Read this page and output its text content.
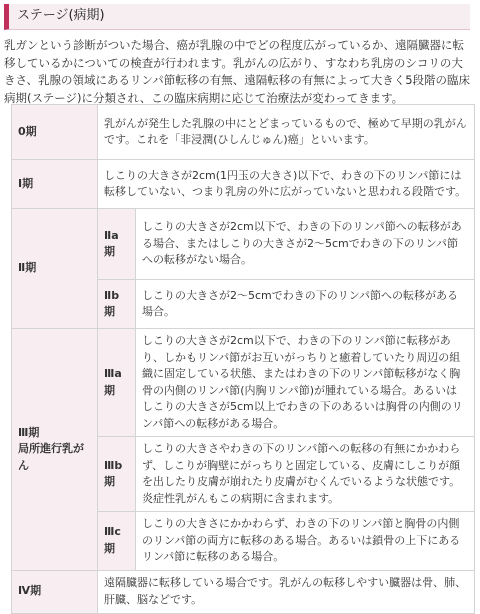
ステージ(病期)

乳ガンという診断がついた場合、癌が乳腺の中でどの程度広がっているか、遠隔臓器に転移しているかについての検査が行われます。乳がんの広がり、すなわち乳房のシコリの大きさ、乳腺の領域にあるリンパ節転移の有無、遠隔転移の有無によって大きく5段階の臨床病期(ステージ)に分類され、この臨床病期に応じて治療法が変わってきます。

0期	乳がんが発生した乳腺の中にとどまっているもので、極めて早期の乳がんです。これを「非浸潤(ひしんじゅん)癌」といいます。	
Ⅰ期	しこりの大きさが2cm(1円玉の大きさ)以下で、わきの下のリンパ節には転移していない、つまり乳房の外に広がっていないと思われる段階です。	
Ⅱ期	Ⅱa期	しこりの大きさが2cm以下で、わきの下のリンパ節への転移がある場合、またはしこりの大きさが2〜5cmでわきの下のリンパ節への転移がない場合。
	Ⅱb期	しこりの大きさが2〜5cmでわきの下のリンパ節への転移がある場合。
Ⅲ期
局所進行乳がん	Ⅲa期	しこりの大きさが2cm以下で、わきの下のリンパ節に転移があり、しかもリンパ節がお互いがっちりと癒着していたり周辺の組織に固定している状態、またはわきの下のリンパ節転移がなく胸骨の内側のリンパ節(内胸リンパ節)が腫れている場合。あるいはしこりの大きさが5cm以上でわきの下のあるいは胸骨の内側のリンパ節への転移がある場合。
	Ⅲb期	しこりの大きさやわきの下のリンパ節への転移の有無にかかわらず、しこりが胸壁にがっちりと固定している、皮膚にしこりが顔を出したり皮膚が崩れたり皮膚がむくんでいるような状態です。炎症性乳がんもこの病期に含まれます。
	Ⅲc期	しこりの大きさにかかわらず、わきの下のリンパ節と胸骨の内側のリンパ節の両方に転移のある場合。あるいは鎖骨の上下にあるリンパ節に転移のある場合。
Ⅳ期	遠隔臓器に転移している場合です。乳がんの転移しやすい臓器は骨、肺、肝臓、脳などです。	
